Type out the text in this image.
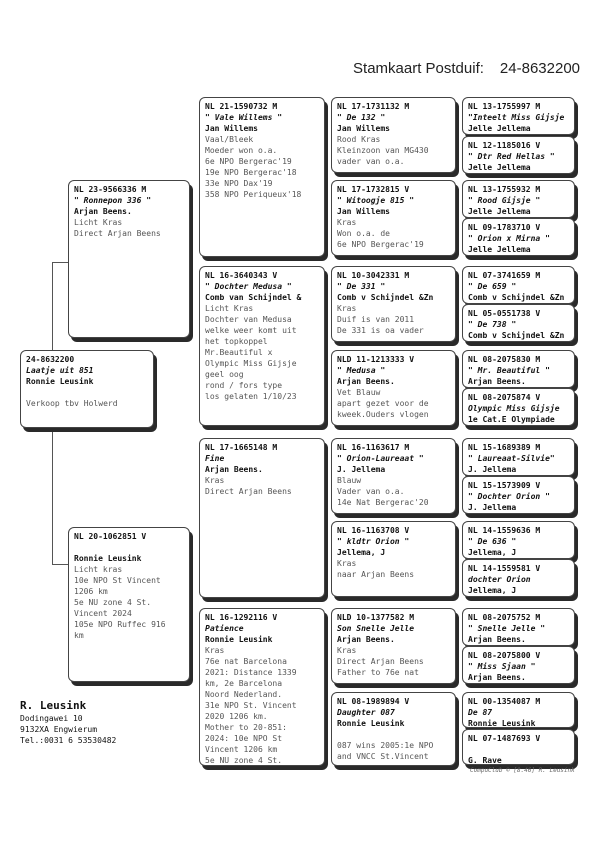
Stamkaart Postduif: 24-8632200
24-8632200
Laatje uit 851
Ronnie Leusink

Verkoop tbv Holwerd
NL 23-9566336 M
" Ronnepon 336 "
Arjan Beens.
Licht Kras
Direct Arjan Beens
NL 20-1062851 V

Ronnie Leusink
Licht kras
10e NPO St Vincent
1206 km
5e NU zone 4 St.
Vincent 2024
105e NPO Ruffec 916
km
NL 21-1590732 M
" Vale Willems "
Jan Willems
Vaal/Bleek
Moeder won o.a.
6e NPO Bergerac'19
19e NPO Bergerac'18
33e NPO Dax'19
358 NPO Periqueux'18
NL 16-3640343 V
" Dochter Medusa "
Comb van Schijndel &
Licht Kras
Dochter van Medusa
welke weer komt uit
het topkoppel
Mr.Beautiful x
Olympic Miss Gijsje
geel oog
rond / fors type
los gelaten 1/10/23
NL 17-1665148 M
Fine
Arjan Beens.
Kras
Direct Arjan Beens
NL 16-1292116 V
Patience
Ronnie Leusink
Kras
76e nat Barcelona
2021: Distance 1339
km, 2e Barcelona
Noord Nederland.
31e NPO St. Vincent
2020 1206 km.
Mother to 20-851:
2024: 10e NPO St
Vincent 1206 km
5e NU zone 4 St.
NL 17-1731132 M
" De 132 "
Jan Willems
Rood Kras
Kleinzoon van MG430
vader van o.a.
NL 17-1732815 V
" Witoogje 815 "
Jan Willems
Kras
Won o.a. de
6e NPO Bergerac'19
NL 10-3042331 M
" De 331 "
Comb v Schijndel &Zn
Kras
Duif is van 2011
De 331 is oa vader
NLD 11-1213333 V
" Medusa "
Arjan Beens.
Vet Blauw
apart gezet voor de
kweek.Ouders vlogen
NL 16-1163617 M
" Orion-Laureaat "
J. Jellema
Blauw
Vader van o.a.
14e Nat Bergerac'20
NL 16-1163708 V
" kldtr Orion "
Jellema, J
Kras
naar Arjan Beens
NLD 10-1377582 M
Son Snelle Jelle
Arjan Beens.
Kras
Direct Arjan Beens
Father to 76e nat
NL 08-1989894 V
Daughter 087
Ronnie Leusink

087 wins 2005:1e NPO
and VNCC St.Vincent
NL 13-1755997 M
"Inteelt Miss Gijsje
Jelle Jellema
NL 12-1185016 V
" Dtr Red Hellas "
Jelle Jellema
NL 13-1755932 M
" Rood Gijsje "
Jelle Jellema
NL 09-1783710 V
" Orion x Mirna "
Jelle Jellema
NL 07-3741659 M
" De 659 "
Comb v Schijndel &Zn
NL 05-0551738 V
" De 738 "
Comb v Schijndel &Zn
NL 08-2075830 M
" Mr. Beautiful "
Arjan Beens.
NL 08-2075874 V
Olympic Miss Gijsje
1e Cat.E Olympiade
NL 15-1689389 M
" Laureaat-Silvie"
J. Jellema
NL 15-1573909 V
" Dochter Orion "
J. Jellema
NL 14-1559636 M
" De 636 "
Jellema, J
NL 14-1559581 V
dochter Orion
Jellema, J
NL 08-2075752 M
" Snelle Jelle "
Arjan Beens.
NL 08-2075800 V
" Miss Sjaan "
Arjan Beens.
NL 00-1354087 M
De 87
Ronnie Leusink
NL 07-1487693 V

G. Rave
R. Leusink
Dodingawei 10
9132XA Engwierum
Tel.:0031 6 53530482
CompuClub © [8.46] R. Leusink
